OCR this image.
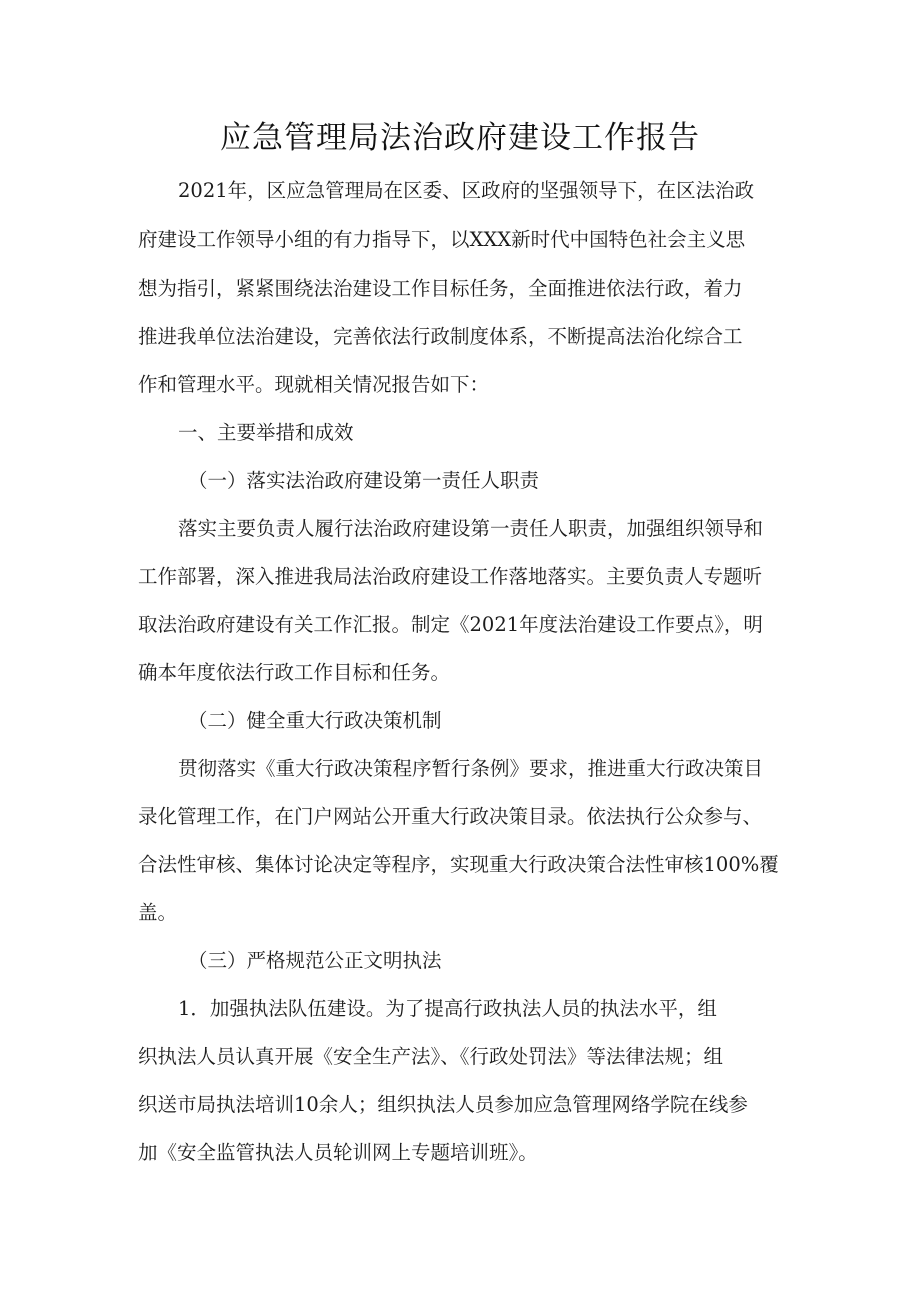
应急管理局法治政府建设工作报告
2021年，区应急管理局在区委、区政府的坚强领导下，在区法治政
府建设工作领导小组的有力指导下，以XXX新时代中国特色社会主义思
想为指引，紧紧围绕法治建设工作目标任务，全面推进依法行政，着力
推进我单位法治建设，完善依法行政制度体系，不断提高法治化综合工
作和管理水平。现就相关情况报告如下：
一、主要举措和成效
（一）落实法治政府建设第一责任人职责
落实主要负责人履行法治政府建设第一责任人职责，加强组织领导和
工作部署，深入推进我局法治政府建设工作落地落实。主要负责人专题听
取法治政府建设有关工作汇报。制定《2021年度法治建设工作要点》，明
确本年度依法行政工作目标和任务。
（二）健全重大行政决策机制
贯彻落实《重大行政决策程序暂行条例》要求，推进重大行政决策目
录化管理工作，在门户网站公开重大行政决策目录。依法执行公众参与、
合法性审核、集体讨论决定等程序，实现重大行政决策合法性审核100%覆
盖。
（三）严格规范公正文明执法
1．加强执法队伍建设。为了提高行政执法人员的执法水平，组
织执法人员认真开展《安全生产法》、《行政处罚法》等法律法规；组
织送市局执法培训10余人；组织执法人员参加应急管理网络学院在线参
加《安全监管执法人员轮训网上专题培训班》。
